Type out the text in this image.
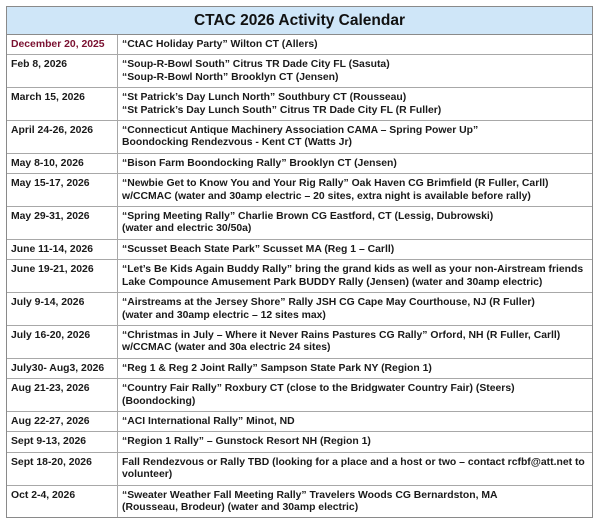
CTAC 2026 Activity Calendar
December 20, 2025	“CtAC Holiday Party” Wilton CT (Allers)
Feb 8, 2026	“Soup-R-Bowl South” Citrus TR Dade City FL (Sasuta)
“Soup-R-Bowl North” Brooklyn CT (Jensen)
March 15, 2026	“St Patrick’s Day Lunch North” Southbury CT (Rousseau)
“St Patrick’s Day Lunch South” Citrus TR Dade City FL (R Fuller)
April 24-26, 2026	“Connecticut Antique Machinery Association CAMA – Spring Power Up”
Boondocking Rendezvous - Kent CT (Watts Jr)
May 8-10, 2026	“Bison Farm Boondocking Rally” Brooklyn CT (Jensen)
May 15-17, 2026	“Newbie Get to Know You and Your Rig Rally” Oak Haven CG Brimfield (R Fuller, Carll)
w/CCMAC (water and 30amp electric – 20 sites, extra night is available before rally)
May 29-31, 2026	“Spring Meeting Rally” Charlie Brown CG Eastford, CT (Lessig, Dubrowski)
(water and electric 30/50a)
June 11-14, 2026	“Scusset Beach State Park” Scusset MA (Reg 1 – Carll)
June 19-21, 2026	“Let’s Be Kids Again Buddy Rally” bring the grand kids as well as your non-Airstream friends
Lake Compounce Amusement Park BUDDY Rally (Jensen) (water and 30amp electric)
July 9-14, 2026	“Airstreams at the Jersey Shore” Rally JSH CG Cape May Courthouse, NJ (R Fuller)
(water and 30amp electric – 12 sites max)
July 16-20, 2026	“Christmas in July – Where it Never Rains Pastures CG Rally” Orford, NH (R Fuller, Carll)
w/CCMAC (water and 30a electric 24 sites)
July30- Aug3, 2026	“Reg 1 & Reg 2 Joint Rally” Sampson State Park NY (Region 1)
Aug 21-23, 2026	“Country Fair Rally” Roxbury CT (close to the Bridgwater Country Fair) (Steers)
(Boondocking)
Aug 22-27, 2026	“ACI International Rally” Minot, ND
Sept 9-13, 2026	“Region 1 Rally” – Gunstock Resort NH (Region 1)
Sept 18-20, 2026	Fall Rendezvous or Rally TBD (looking for a place and a host or two – contact rcfbf@att.net to
volunteer)
Oct 2-4, 2026	“Sweater Weather Fall Meeting Rally” Travelers Woods CG Bernardston, MA
(Rousseau, Brodeur) (water and 30amp electric)
